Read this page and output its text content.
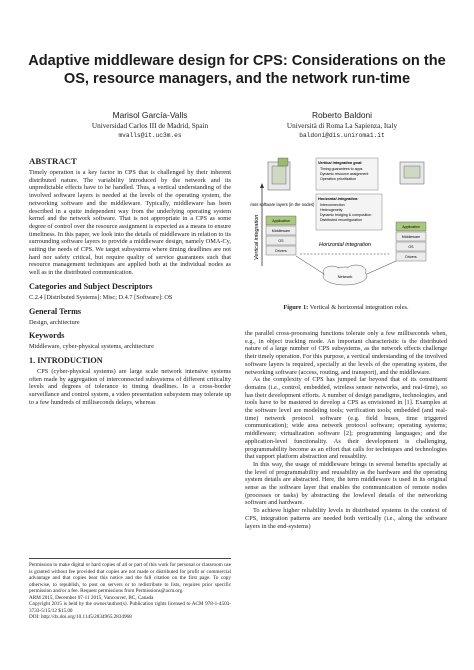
Adaptive middleware design for CPS: Considerations on the OS, resource managers, and the network run-time
Marisol García-Valls
Universidad Carlos III de Madrid, Spain
mvalls@it.uc3m.es
Roberto Baldoni
Università di Roma La Sapienza, Italy
baldoni@dis.uniroma1.it
ABSTRACT

Timely operation is a key factor in CPS that is challenged by their inherent distributed nature. The variability introduced by the network and its unpredictable effects have to be handled. Thus, a vertical understanding of the involved software layers is needed at the levels of the operating system, the networking software and the middleware. Typically, middleware has been described in a quite independent way from the underlying operating system kernel and the network software. That is not appropriate in a CPS as some degree of control over the resource assignment is expected as a means to ensure timeliness. In this paper, we look into the details of middleware in relation to its surrounding software layers to provide a middleware design, namely OMA-Cy, suiting the needs of CPS. We target subsystems where timing deadlines are not hard nor safety critical, but require quality of service guarantees such that resource management techniques are applied both at the individual nodes as well as in the distributed communication.

Categories and Subject Descriptors

C.2.4 [Distributed Systems]: Misc; D.4.7 [Software]: OS

General Terms

Design, architecture

Keywords

Middleware, cyber-physical systems, architecture

1. INTRODUCTION

CPS (cyber-physical systems) are large scale network intensive systems often made by aggregation of interconnected subsystems of different criticality levels and degrees of tolerance to timing deadlines. In a cross-border surveillance and control system, a video presentation subsystem may tolerate up to a few hundreds of milliseconds delays, whereas

Permission to make digital or hard copies of all or part of this work for personal or classroom use is granted without fee provided that copies are not made or distributed for profit or commercial advantage and that copies bear this notice and the full citation on the first page. To copy otherwise, to republish, to post on servers or to redistribute to lists, requires prior specific permission and/or a fee. Request permissions from Permissions@acm.org.
ARM 2015, December 07-11 2015, Vancouver, BC, Canada
Copyright 2015 is held by the owner/author(s). Publication rights licensed to ACM 978-1-4503-3733-5/15/12 $15.00
DOI: http://dx.doi.org/10.1145/2834965.2834968

Across software layers (in the nodes)
Vertical integration	Application
Middleware
OS
Drivers
Vertical integration goal:
Timing guarantees to apps
Dynamic resource assignment
Operation prioritization
Horizontal integration:
Interconnection
Heterogeneity
Dynamic bridging & composition
Distributed reconfiguration
Application
Middleware
OS
Drivers
Horizontal integration
Network
Figure 1: Vertical & horizontal integration roles.

the parallel cross-processing functions tolerate only a few milliseconds when, e.g., in object tracking mode. An important characteristic is the distributed nature of a large number of CPS subsystems, as the network effects challenge their timely operation. For this purpose, a vertical understanding of the involved software layers is required, specially at the levels of the operating system, the networking software (access, routing, and transport), and the middleware.

As the complexity of CPS has jumped far beyond that of its constituent domains (i.e., control, embedded, wireless sensor networks, and real-time), so has their development efforts. A number of design paradigms, technologies, and tools have to be mastered to develop a CPS as envisioned in [1]. Examples at the software level are modeling tools; verification tools; embedded (and real-time) network protocol software (e.g. field buses, time triggered communication); wide area network protocol software; operating systems; middleware; virtualization software [2]; programming languages; and the application-level functionality. As their development is challenging, programmability become as an effort that calls for techniques and technologies that support platform abstraction and reusability.

In this way, the usage of middleware brings in several benefits specially at the level of programmability and reusability as the hardware and the operating system details are abstracted. Here, the term middleware is used in its original sense as the software layer that enables the communication of remote nodes (processes or tasks) by abstracting the lowlevel details of the networking software and hardware.

To achieve higher reliability levels in distributed systems in the context of CPS, integration patterns are needed both vertically (i.e., along the software layers in the end-systems)
